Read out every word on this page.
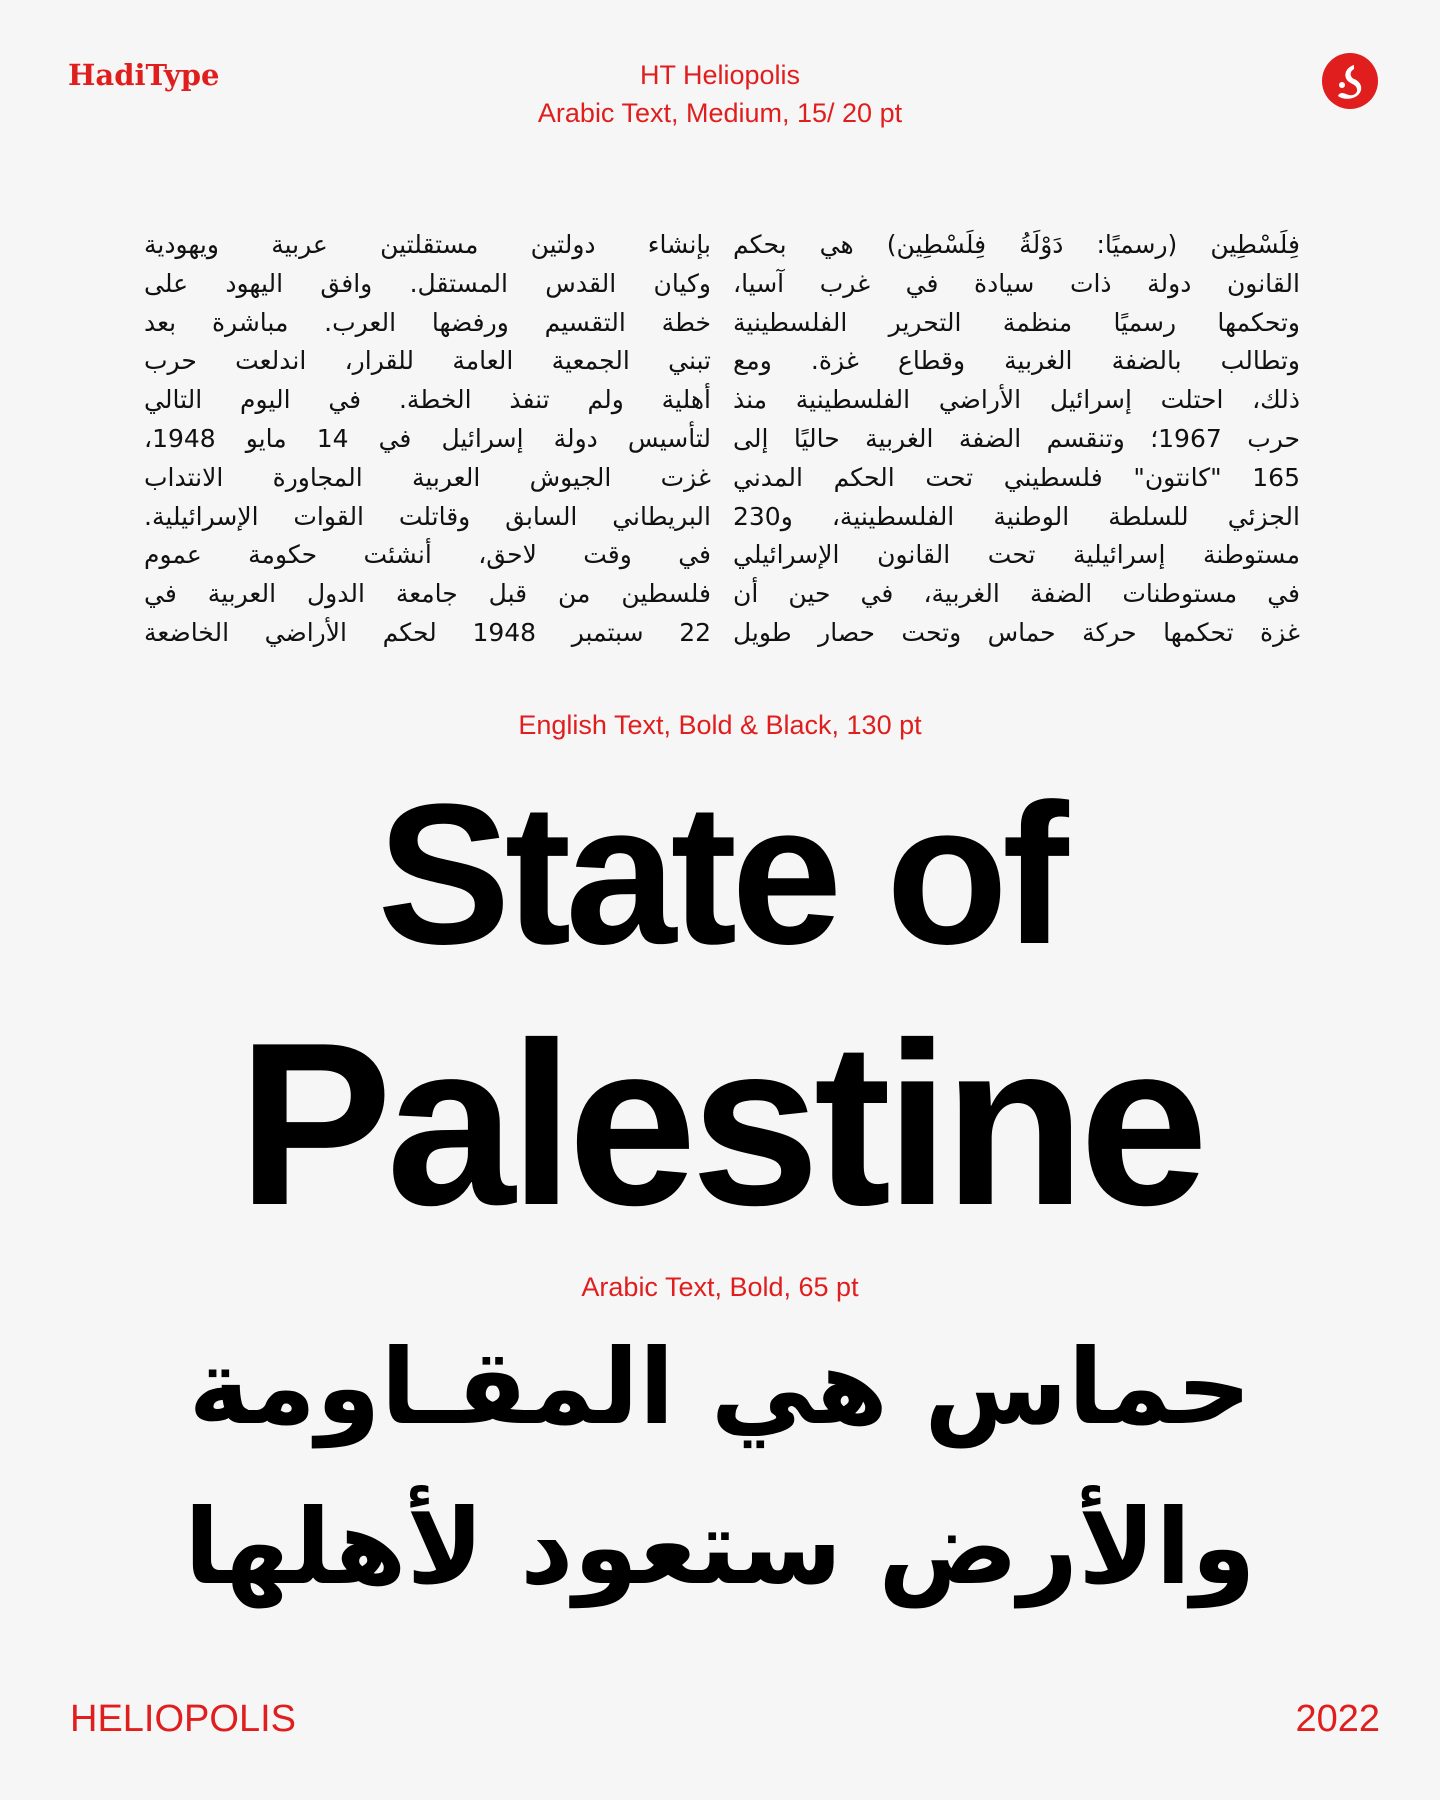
HadiType	HT Heliopolis
Arabic Text, Medium, 15/ 20 pt
فِلَسْطِين (رسميًا: دَوْلَةُ فِلَسْطِين) هي بحكم
القانون دولة ذات سيادة في غرب آسيا،
وتحكمها رسميًا منظمة التحرير الفلسطينية
وتطالب بالضفة الغربية وقطاع غزة. ومع
ذلك، احتلت إسرائيل الأراضي الفلسطينية منذ
حرب 1967؛ وتنقسم الضفة الغربية حاليًا إلى
165 "كانتون" فلسطيني تحت الحكم المدني
الجزئي للسلطة الوطنية الفلسطينية، و230
مستوطنة إسرائيلية تحت القانون الإسرائيلي
في مستوطنات الضفة الغربية، في حين أن
غزة تحكمها حركة حماس وتحت حصار طويل
بإنشاء دولتين مستقلتين عربية ويهودية
وكيان القدس المستقل. وافق اليهود على
خطة التقسيم ورفضها العرب. مباشرة بعد
تبني الجمعية العامة للقرار، اندلعت حرب
أهلية ولم تنفذ الخطة. في اليوم التالي
لتأسيس دولة إسرائيل في 14 مايو 1948،
غزت الجيوش العربية المجاورة الانتداب
البريطاني السابق وقاتلت القوات الإسرائيلية.
في وقت لاحق، أنشئت حكومة عموم
فلسطين من قبل جامعة الدول العربية في
22 سبتمبر 1948 لحكم الأراضي الخاضعة
English Text, Bold & Black, 130 pt
State of
Palestine
Arabic Text, Bold, 65 pt
حماس هي المقـاومة
والأرض ستعود لأهلها
HELIOPOLIS	2022
